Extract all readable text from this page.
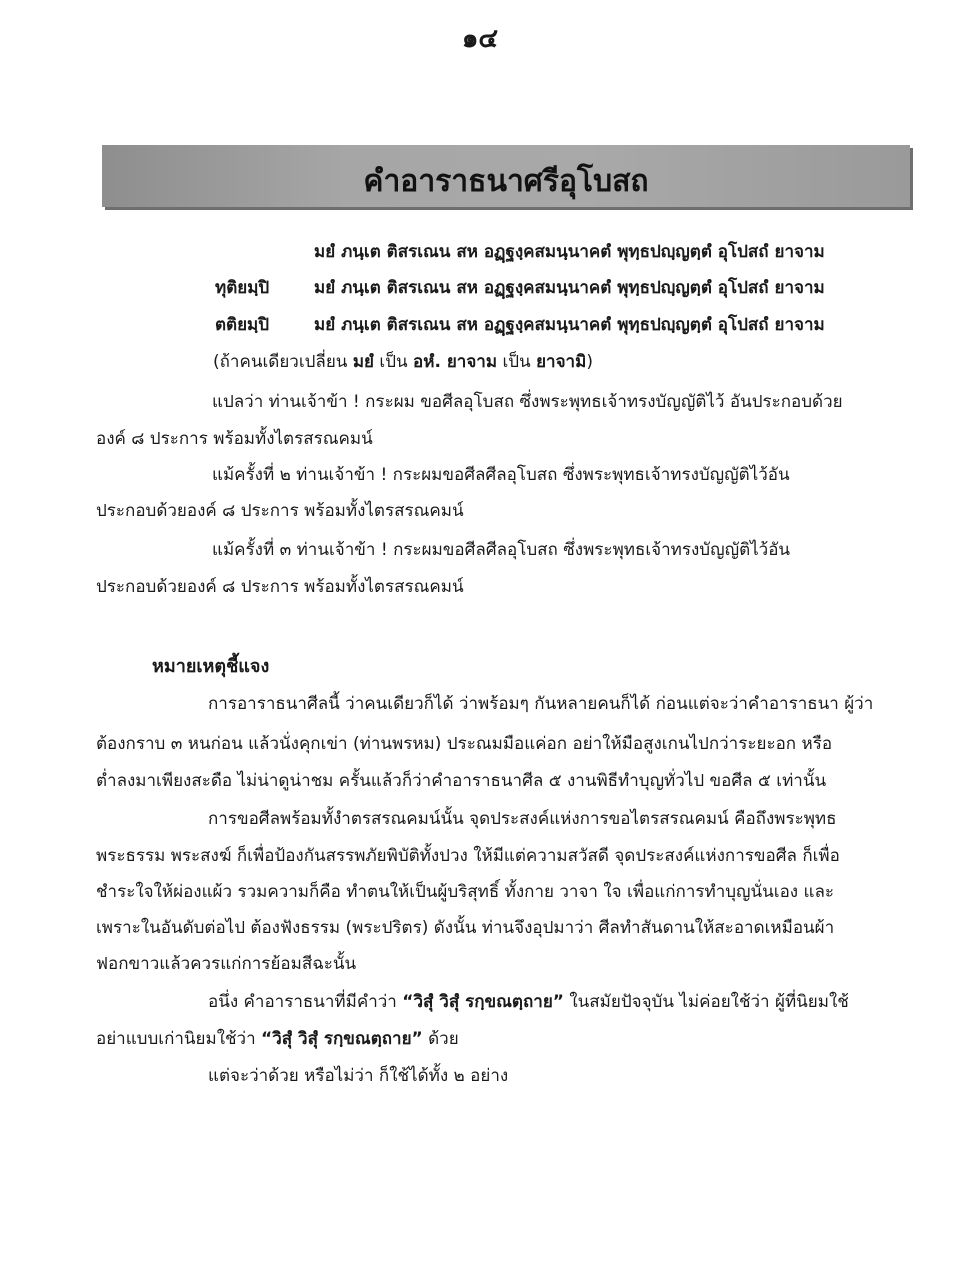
๑๔
คำอาราธนาศรีอุโบสถ
มยํ ภนฺเต ติสรเณน สห อฏฺฐงฺคสมนฺนาคตํ พุทฺธปญฺญตฺตํ อุโปสถํ ยาจาม
ทุติยมฺปิ	มยํ ภนฺเต ติสรเณน สห อฏฺฐงฺคสมนฺนาคตํ พุทฺธปญฺญตฺตํ อุโปสถํ ยาจาม
ตติยมฺปิ	มยํ ภนฺเต ติสรเณน สห อฏฺฐงฺคสมนฺนาคตํ พุทฺธปญฺญตฺตํ อุโปสถํ ยาจาม
(ถ้าคนเดียวเปลี่ยน มยํ เป็น อหํ. ยาจาม เป็น ยาจามิ)
แปลว่า ท่านเจ้าข้า ! กระผม ขอศีลอุโบสถ ซึ่งพระพุทธเจ้าทรงบัญญัติไว้ อันประกอบด้วย
องค์ ๘ ประการ พร้อมทั้งไตรสรณคมน์
แม้ครั้งที่ ๒ ท่านเจ้าข้า ! กระผมขอศีลศีลอุโบสถ ซึ่งพระพุทธเจ้าทรงบัญญัติไว้อัน
ประกอบด้วยองค์ ๘ ประการ พร้อมทั้งไตรสรณคมน์
แม้ครั้งที่ ๓ ท่านเจ้าข้า ! กระผมขอศีลศีลอุโบสถ ซึ่งพระพุทธเจ้าทรงบัญญัติไว้อัน
ประกอบด้วยองค์ ๘ ประการ พร้อมทั้งไตรสรณคมน์
หมายเหตุชี้แจง
การอาราธนาศีลนี้ ว่าคนเดียวก็ได้ ว่าพร้อมๆ กันหลายคนก็ได้ ก่อนแต่จะว่าคำอาราธนา ผู้ว่า
ต้องกราบ ๓ หนก่อน แล้วนั่งคุกเข่า (ท่านพรหม) ประณมมือแค่อก อย่าให้มือสูงเกนไปกว่าระยะอก หรือ
ต่ำลงมาเพียงสะดือ ไม่น่าดูน่าชม ครั้นแล้วก็ว่าคำอาราธนาศีล ๕ งานพิธีทำบุญทั่วไป ขอศีล ๕ เท่านั้น
การขอศีลพร้อมทั้งำตรสรณคมน์นั้น จุดประสงค์แห่งการขอไตรสรณคมน์ คือถึงพระพุทธ
พระธรรม พระสงฆ์ ก็เพื่อป้องกันสรรพภัยพิบัติทั้งปวง ให้มีแต่ความสวัสดี จุดประสงค์แห่งการขอศีล ก็เพื่อ
ชำระใจให้ผ่องแผ้ว รวมความก็คือ ทำตนให้เป็นผู้บริสุทธิ์ ทั้งกาย วาจา ใจ เพื่อแก่การทำบุญนั่นเอง และ
เพราะในอันดับต่อไป ต้องฟังธรรม (พระปริตร) ดังนั้น ท่านจึงอุปมาว่า ศีลทำสันดานให้สะอาดเหมือนผ้า
ฟอกขาวแล้วควรแก่การย้อมสีฉะนั้น
อนึ่ง คำอาราธนาที่มีคำว่า “วิสุํ วิสุํ รกฺขณตฺถาย” ในสมัยปัจจุบัน ไม่ค่อยใช้ว่า ผู้ที่นิยมใช้
อย่าแบบเก่านิยมใช้ว่า “วิสุํ วิสุํ รกฺขณตฺถาย” ด้วย
แต่จะว่าด้วย หรือไม่ว่า ก็ใช้ได้ทั้ง ๒ อย่าง
